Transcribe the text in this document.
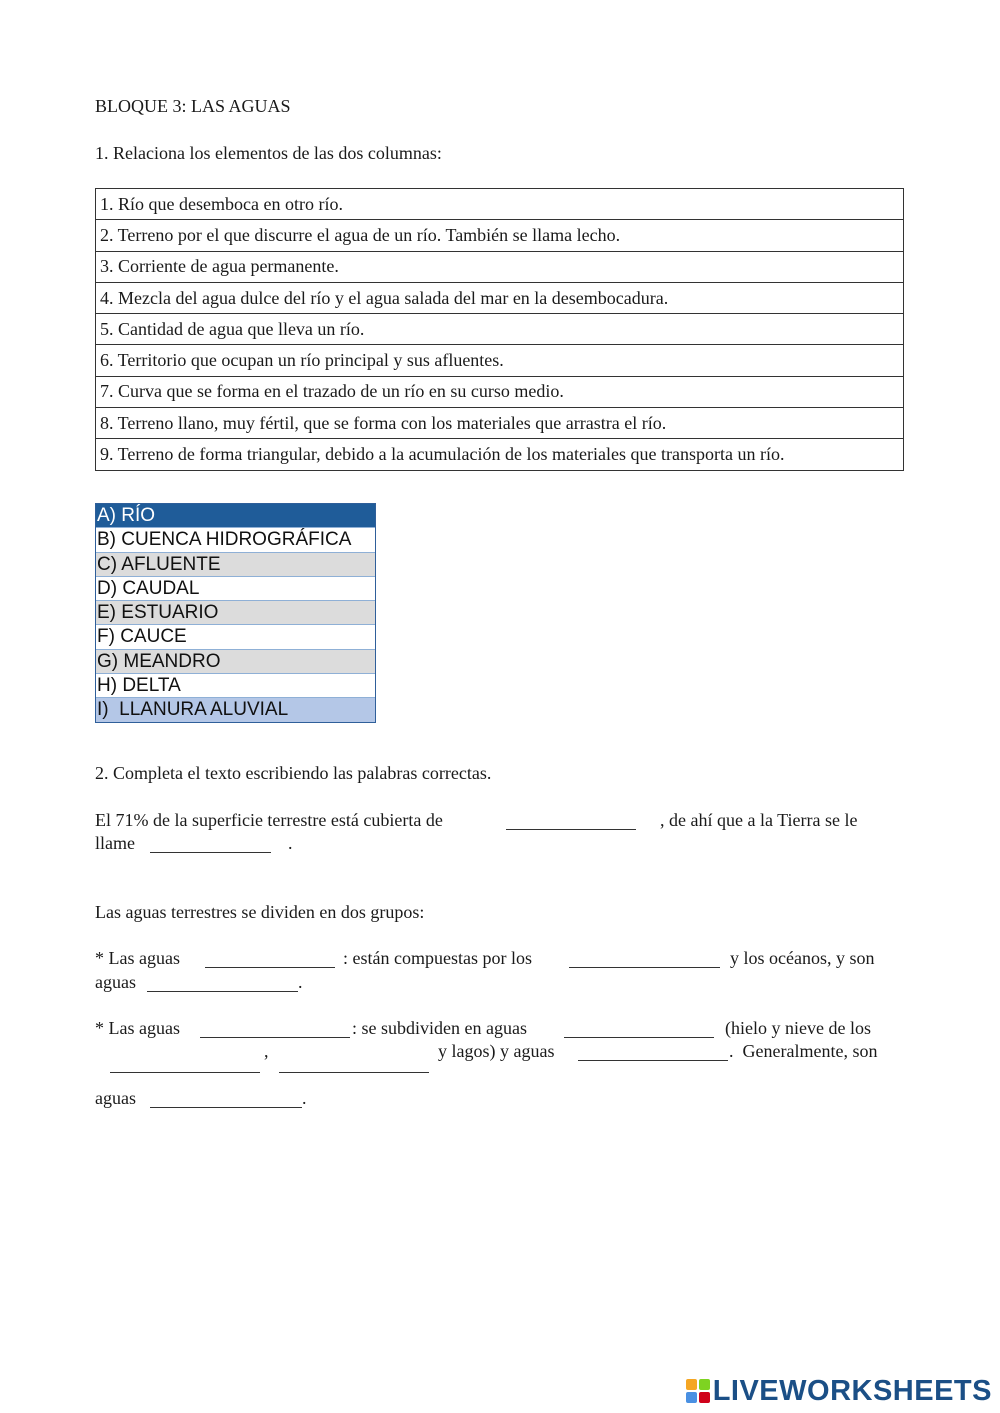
BLOQUE 3: LAS AGUAS
1. Relaciona los elementos de las dos columnas:
1. Río que desemboca en otro río.
2. Terreno por el que discurre el agua de un río. También se llama lecho.
3. Corriente de agua permanente.
4. Mezcla del agua dulce del río y el agua salada del mar en la desembocadura.
5. Cantidad de agua que lleva un río.
6. Territorio que ocupan un río principal y sus afluentes.
7. Curva que se forma en el trazado de un río en su curso medio.
8. Terreno llano, muy fértil, que se forma con los materiales que arrastra el río.
9. Terreno de forma triangular, debido a la acumulación de los materiales que transporta un río.
A) RÍO
B) CUENCA HIDROGRÁFICA
C) AFLUENTE
D) CAUDAL
E) ESTUARIO
F) CAUCE
G) MEANDRO
H) DELTA
I)  LLANURA ALUVIAL
2. Completa el texto escribiendo las palabras correctas.
El 71% de la superficie terrestre está cubierta de	, de ahí que a la Tierra se le
llame	.
Las aguas terrestres se dividen en dos grupos:
* Las aguas	: están compuestas por los	y los océanos, y son
aguas	.
* Las aguas	: se subdividen en aguas	(hielo y nieve de los
,	y lagos) y aguas	.  Generalmente, son
aguas	.
LIVEWORKSHEETS
